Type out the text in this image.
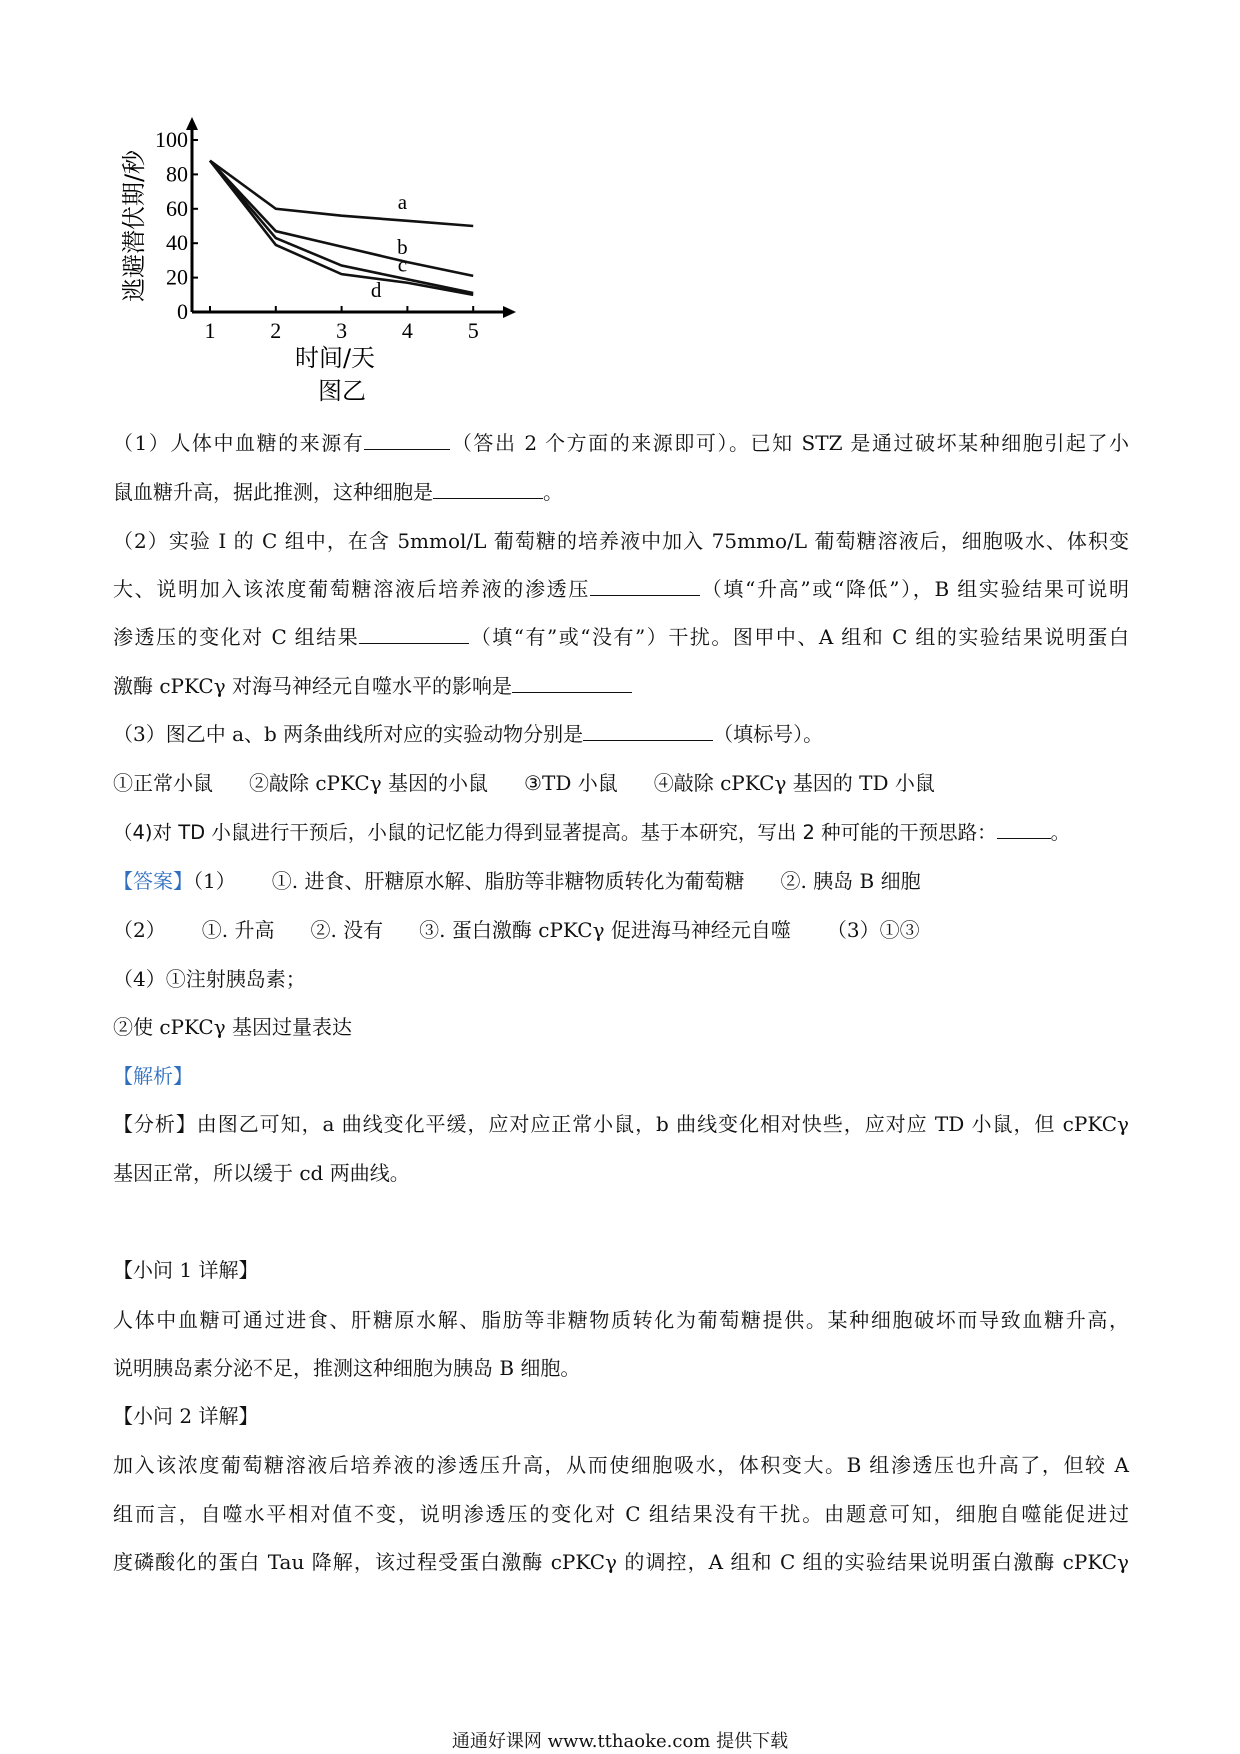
0
20
40
60
80
100
1 2 3 4 5
a
b
c
d
逃避潜伏期/秒
时间/天
图乙
（1）人体中血糖的来源有	（答出 2 个方面的来源即可）。已知 STZ 是通过破坏某种细胞引起了小
鼠血糖升高，据此推测，这种细胞是	。
（2）实验 I 的 C 组中，在含 5mmol/L 葡萄糖的培养液中加入 75mmo/L 葡萄糖溶液后，细胞吸水、体积变
大、说明加入该浓度葡萄糖溶液后培养液的渗透压	（填“升高”或“降低”），B 组实验结果可说明
渗透压的变化对 C 组结果	（填“有”或“没有”）干扰。图甲中、A 组和 C 组的实验结果说明蛋白
激酶 cPKCγ 对海马神经元自噬水平的影响是
（3）图乙中 a、b 两条曲线所对应的实验动物分别是	（填标号）。
①正常小鼠 ②敲除 cPKCγ 基因的小鼠 ③TD 小鼠 ④敲除 cPKCγ 基因的 TD 小鼠
（4)对 TD 小鼠进行干预后，小鼠的记忆能力得到显著提高。基于本研究，写出 2 种可能的干预思路：	。
【答案】（1） ①. 进食、肝糖原水解、脂肪等非糖物质转化为葡萄糖 ②. 胰岛 B 细胞
（2） ①. 升高 ②. 没有 ③. 蛋白激酶 cPKCγ 促进海马神经元自噬 （3）①③
（4）①注射胰岛素；
②使 cPKCγ 基因过量表达
【解析】
【分析】由图乙可知，a 曲线变化平缓，应对应正常小鼠，b 曲线变化相对快些，应对应 TD 小鼠，但 cPKCγ
基因正常，所以缓于 cd 两曲线。
【小问 1 详解】
人体中血糖可通过进食、肝糖原水解、脂肪等非糖物质转化为葡萄糖提供。某种细胞破坏而导致血糖升高，
说明胰岛素分泌不足，推测这种细胞为胰岛 B 细胞。
【小问 2 详解】
加入该浓度葡萄糖溶液后培养液的渗透压升高，从而使细胞吸水，体积变大。B 组渗透压也升高了，但较 A
组而言，自噬水平相对值不变，说明渗透压的变化对 C 组结果没有干扰。由题意可知，细胞自噬能促进过
度磷酸化的蛋白 Tau 降解，该过程受蛋白激酶 cPKCγ 的调控，A 组和 C 组的实验结果说明蛋白激酶 cPKCγ
通通好课网 www.tthaoke.com 提供下载
